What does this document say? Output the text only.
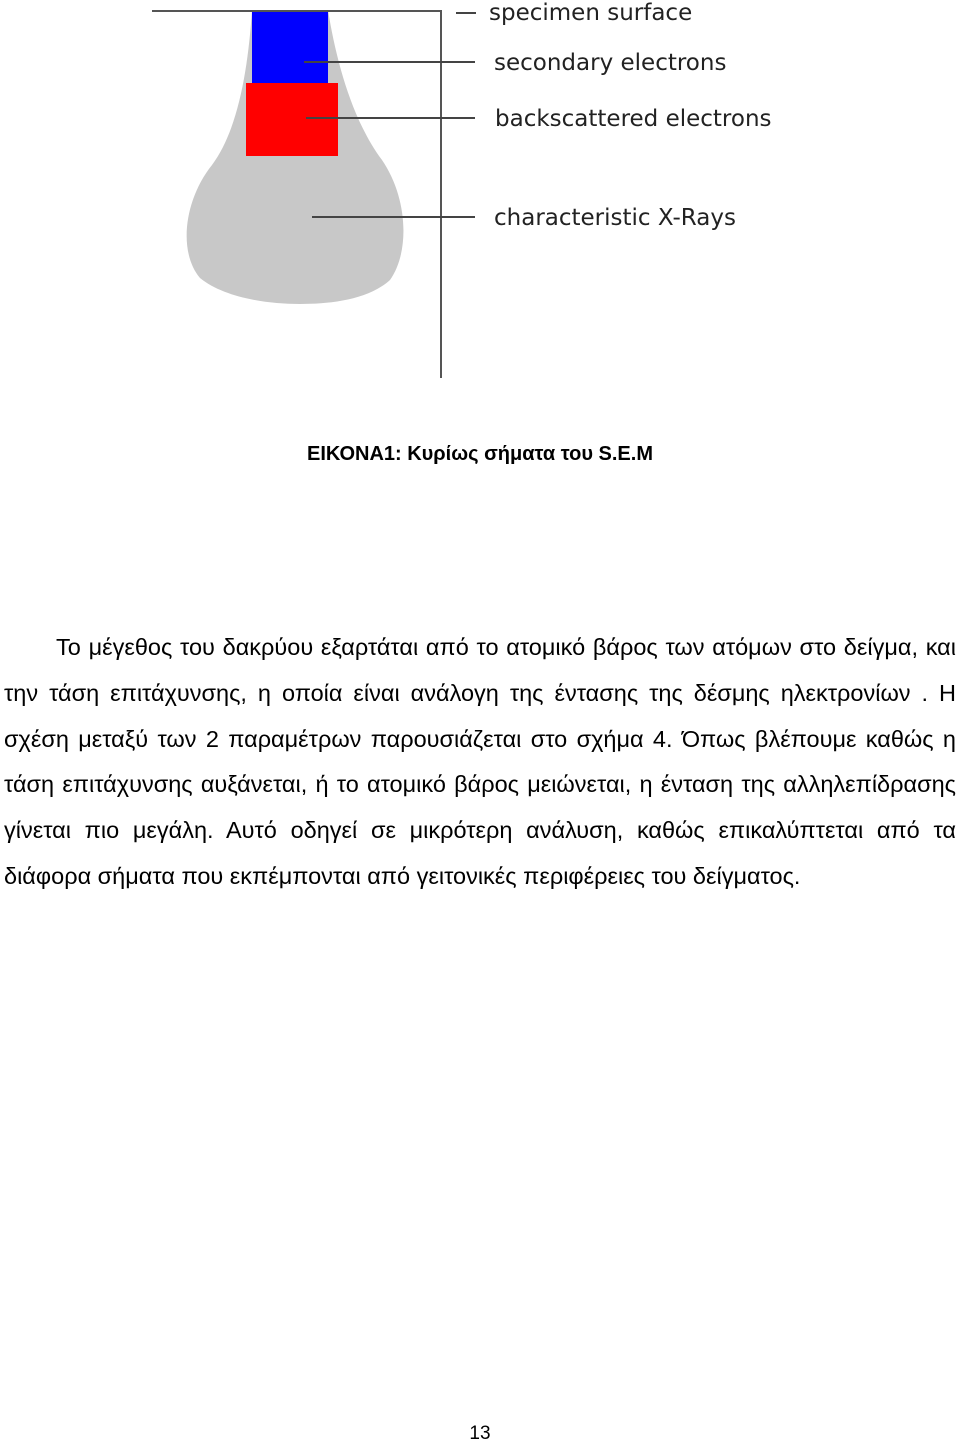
specimen surface
secondary electrons
backscattered electrons
characteristic X-Rays

ΕΙΚΟΝΑ1: Κυρίως σήματα του S.E.M

Το μέγεθος του δακρύου εξαρτάται από το ατομικό βάρος των ατόμων στο δείγμα, και την τάση επιτάχυνσης, η οποία είναι ανάλογη της έντασης της δέσμης ηλεκτρονίων . Η σχέση μεταξύ των 2 παραμέτρων παρουσιάζεται στο σχήμα 4. Όπως βλέπουμε καθώς η τάση επιτάχυνσης αυξάνεται, ή το ατομικό βάρος μειώνεται, η ένταση της αλληλεπίδρασης γίνεται πιο μεγάλη. Αυτό οδηγεί σε μικρότερη ανάλυση, καθώς επικαλύπτεται από τα διάφορα σήματα που εκπέμπονται από γειτονικές περιφέρειες του δείγματος.

13
